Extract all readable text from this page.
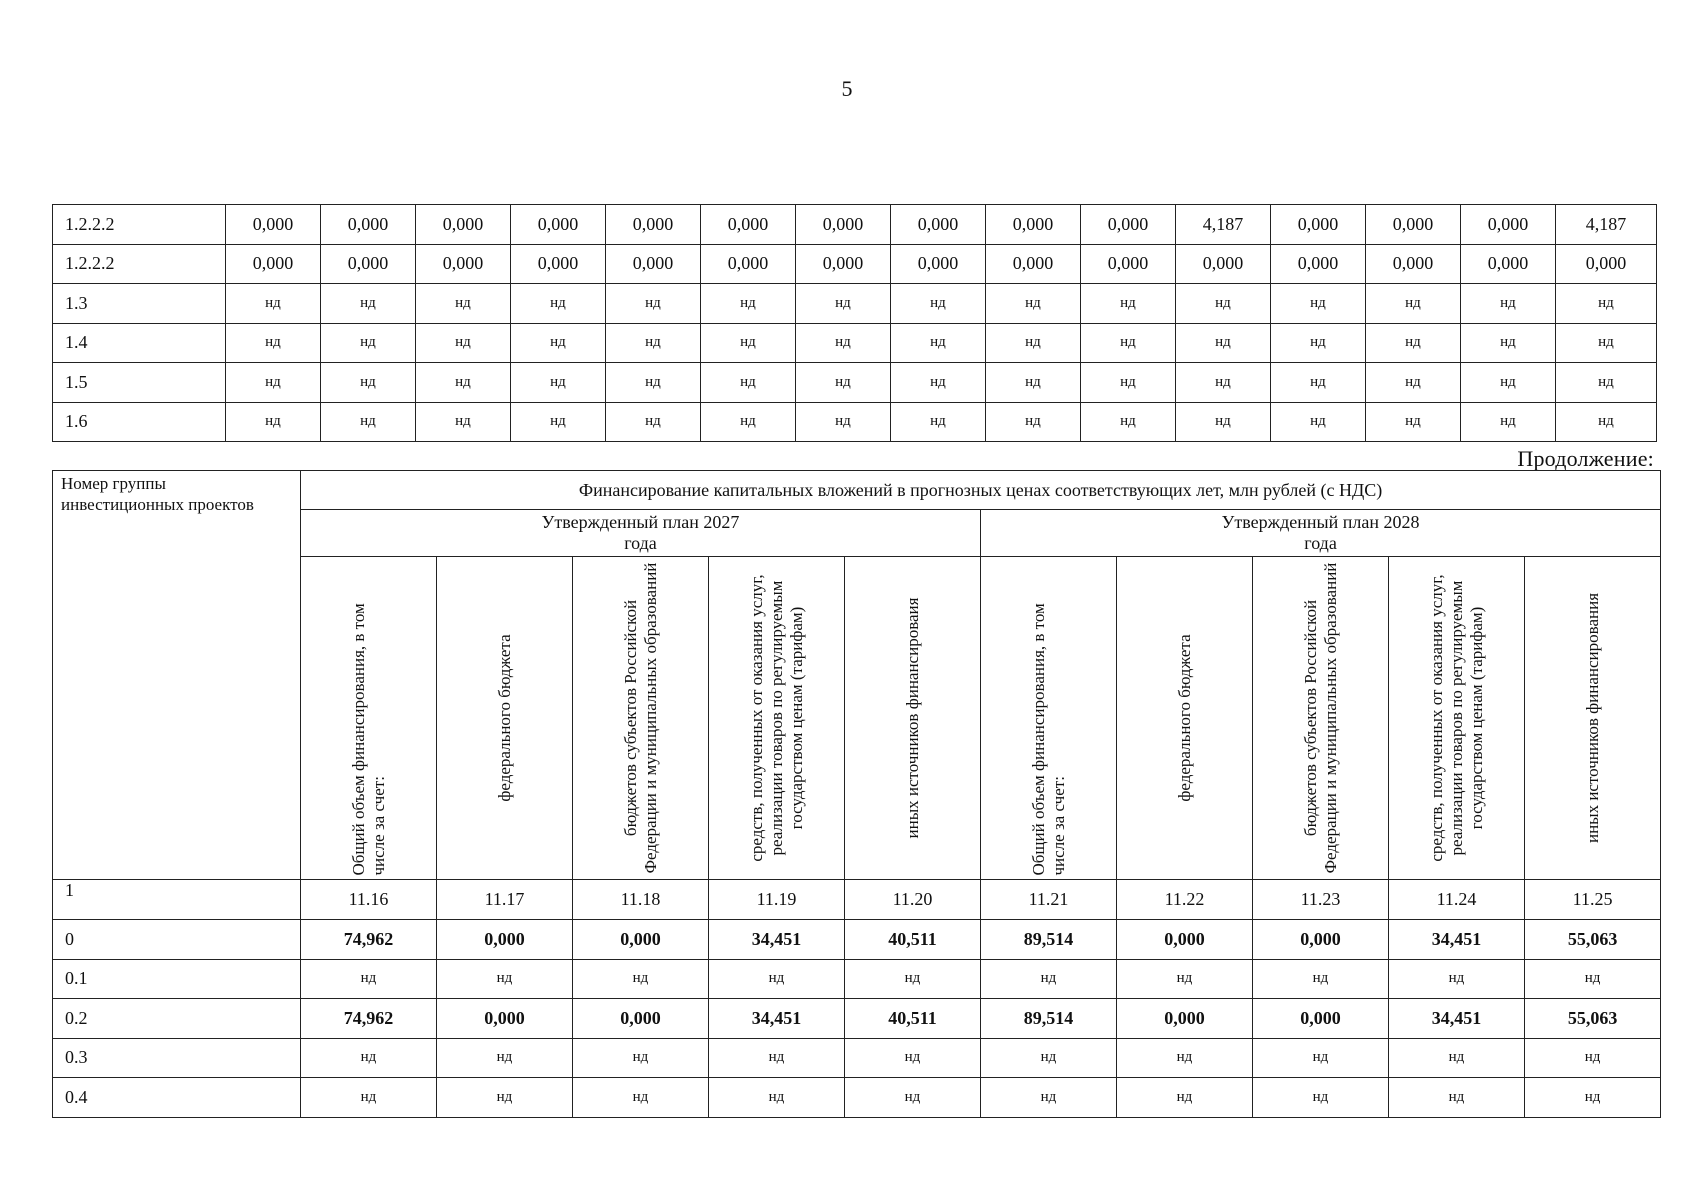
5
1.2.2.2	0,000	0,000	0,000	0,000	0,000	0,000	0,000	0,000	0,000	0,000	4,187	0,000	0,000	0,000	4,187
1.2.2.2	0,000	0,000	0,000	0,000	0,000	0,000	0,000	0,000	0,000	0,000	0,000	0,000	0,000	0,000	0,000
1.3	нд	нд	нд	нд	нд	нд	нд	нд	нд	нд	нд	нд	нд	нд	нд
1.4	нд	нд	нд	нд	нд	нд	нд	нд	нд	нд	нд	нд	нд	нд	нд
1.5	нд	нд	нд	нд	нд	нд	нд	нд	нд	нд	нд	нд	нд	нд	нд
1.6	нд	нд	нд	нд	нд	нд	нд	нд	нд	нд	нд	нд	нд	нд	нд
Продолжение:
Номер группы инвестиционных проектов	Финансирование капитальных вложений в прогнозных ценах соответствующих лет, млн рублей (с НДС)									
	Утвержденный план 2027 года					Утвержденный план 2028 года				

	Общий объем финансирования, в том числе за счет:	федерального бюджета	бюджетов субъектов Российской Федерации и муниципальных образований	средств, полученных от оказания услуг, реализации товаров по регулируемым государством ценам (тарифам)	иных источников финансироваия	Общий объем финансирования, в том числе за счет:	федерального бюджета	бюджетов субъектов Российской Федерации и муниципальных образований	средств, полученных от оказания услуг, реализации товаров по регулируемым государством ценам (тарифам)	иных источников финансирования

1	11.16	11.17	11.18	11.19	11.20	11.21	11.22	11.23	11.24	11.25
0	74,962	0,000	0,000	34,451	40,511	89,514	0,000	0,000	34,451	55,063
0.1	нд	нд	нд	нд	нд	нд	нд	нд	нд	нд
0.2	74,962	0,000	0,000	34,451	40,511	89,514	0,000	0,000	34,451	55,063
0.3	нд	нд	нд	нд	нд	нд	нд	нд	нд	нд
0.4	нд	нд	нд	нд	нд	нд	нд	нд	нд	нд
